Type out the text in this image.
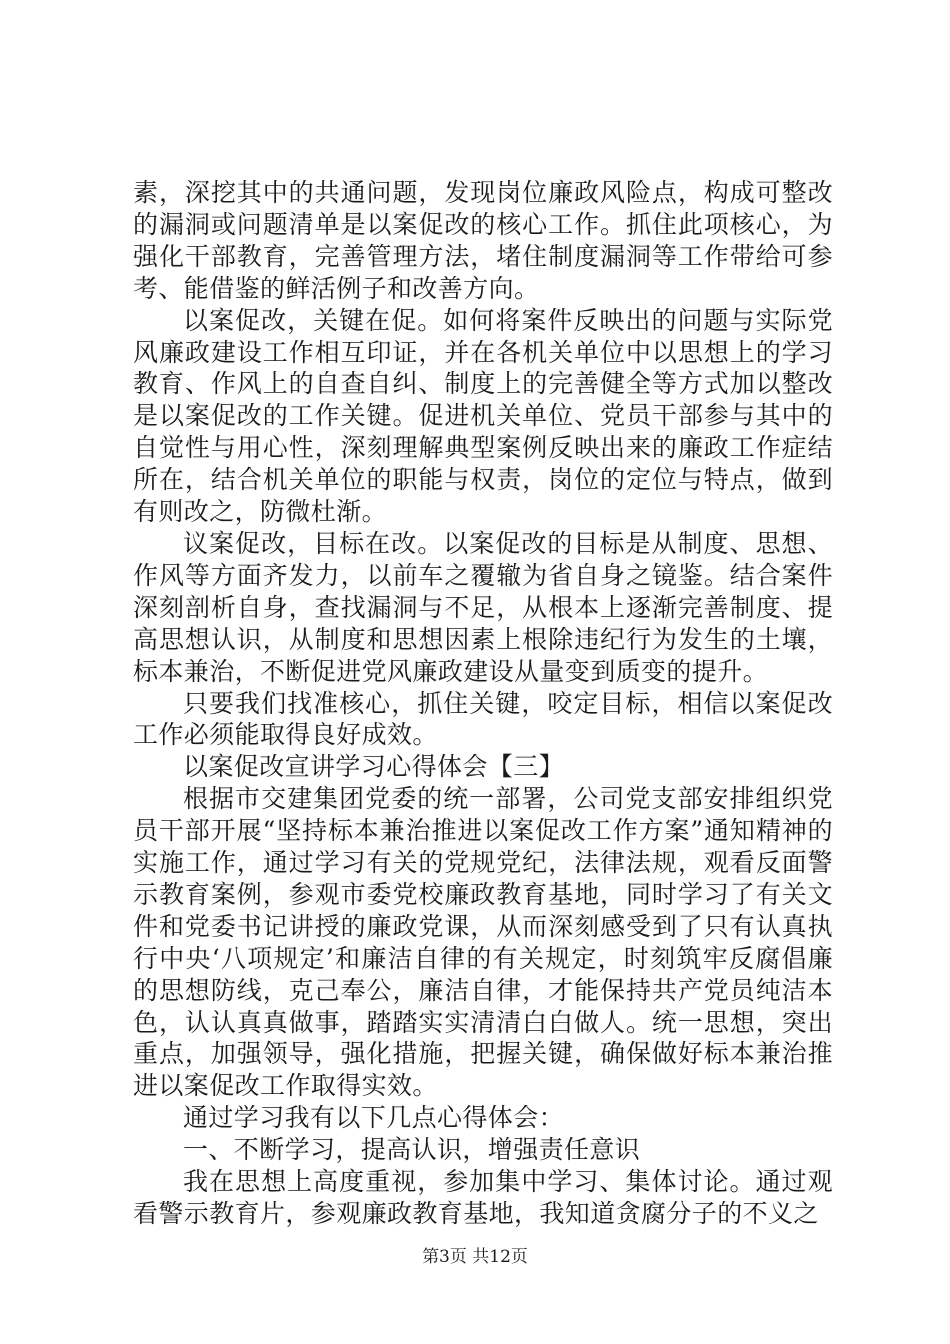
素，深挖其中的共通问题，发现岗位廉政风险点，构成可整改的漏洞或问题清单是以案促改的核心工作。抓住此项核心，为强化干部教育，完善管理方法，堵住制度漏洞等工作带给可参考、能借鉴的鲜活例子和改善方向。

以案促改，关键在促。如何将案件反映出的问题与实际党风廉政建设工作相互印证，并在各机关单位中以思想上的学习教育、作风上的自查自纠、制度上的完善健全等方式加以整改是以案促改的工作关键。促进机关单位、党员干部参与其中的自觉性与用心性，深刻理解典型案例反映出来的廉政工作症结所在，结合机关单位的职能与权责，岗位的定位与特点，做到有则改之，防微杜渐。

议案促改，目标在改。以案促改的目标是从制度、思想、作风等方面齐发力，以前车之覆辙为省自身之镜鉴。结合案件深刻剖析自身，查找漏洞与不足，从根本上逐渐完善制度、提高思想认识，从制度和思想因素上根除违纪行为发生的土壤，标本兼治，不断促进党风廉政建设从量变到质变的提升。

只要我们找准核心，抓住关键，咬定目标，相信以案促改工作必须能取得良好成效。

以案促改宣讲学习心得体会【三】

根据市交建集团党委的统一部署，公司党支部安排组织党员干部开展“坚持标本兼治推进以案促改工作方案”通知精神的实施工作，通过学习有关的党规党纪，法律法规，观看反面警示教育案例，参观市委党校廉政教育基地，同时学习了有关文件和党委书记讲授的廉政党课，从而深刻感受到了只有认真执行中央‘八项规定’和廉洁自律的有关规定，时刻筑牢反腐倡廉的思想防线，克己奉公，廉洁自律，才能保持共产党员纯洁本色，认认真真做事，踏踏实实清清白白做人。统一思想，突出重点，加强领导，强化措施，把握关键，确保做好标本兼治推进以案促改工作取得实效。

通过学习我有以下几点心得体会：

一、不断学习，提高认识，增强责任意识

我在思想上高度重视，参加集中学习、集体讨论。通过观看警示教育片，参观廉政教育基地，我知道贪腐分子的不义之

第3页 共12页
